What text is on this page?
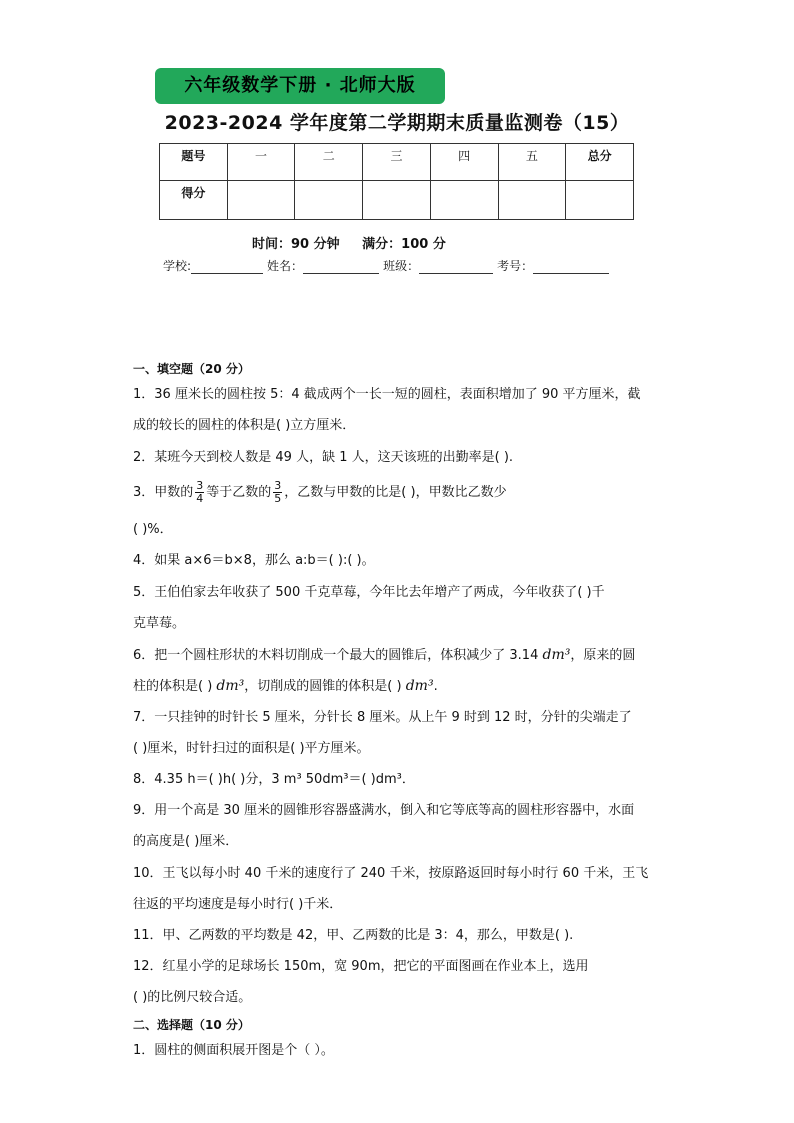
六年级数学下册 · 北师大版
2023-2024 学年度第二学期期末质量监测卷（15）
题号	一	二	三	四	五	总分
得分						
时间：90 分钟 满分：100 分
学校:	姓名：	班级：	考号：
一、填空题（20 分）
1．36 厘米长的圆柱按 5：4 截成两个一长一短的圆柱，表面积增加了 90 平方厘米，截
成的较长的圆柱的体积是( )立方厘米．
2．某班今天到校人数是 49 人，缺 1 人，这天该班的出勤率是( ).
3．甲数的 $\frac{3}{4}$ 等于乙数的 $\frac{3}{5}$ ，乙数与甲数的比是( )，甲数比乙数少
( )%．
4．如果 a×6＝b×8，那么 a:b＝( ):( )。
5．王伯伯家去年收获了 500 千克草莓，今年比去年增产了两成，今年收获了( )千
克草莓。
6．把一个圆柱形状的木料切削成一个最大的圆锥后，体积减少了 3.14 dm³，原来的圆
柱的体积是( ) dm³，切削成的圆锥的体积是( ) dm³.
7．一只挂钟的时针长 5 厘米，分针长 8 厘米。从上午 9 时到 12 时，分针的尖端走了
( )厘米，时针扫过的面积是( )平方厘米。
8．4.35 h＝( )h( )分，3 m³ 50dm³＝( )dm³．
9．用一个高是 30 厘米的圆锥形容器盛满水，倒入和它等底等高的圆柱形容器中，水面
的高度是( )厘米．
10．王飞以每小时 40 千米的速度行了 240 千米，按原路返回时每小时行 60 千米，王飞
往返的平均速度是每小时行( )千米．
11．甲、乙两数的平均数是 42，甲、乙两数的比是 3：4，那么，甲数是( ).
12．红星小学的足球场长 150m，宽 90m，把它的平面图画在作业本上，选用
( )的比例尺较合适。
二、选择题（10 分）
1．圆柱的侧面积展开图是个（ ）。
